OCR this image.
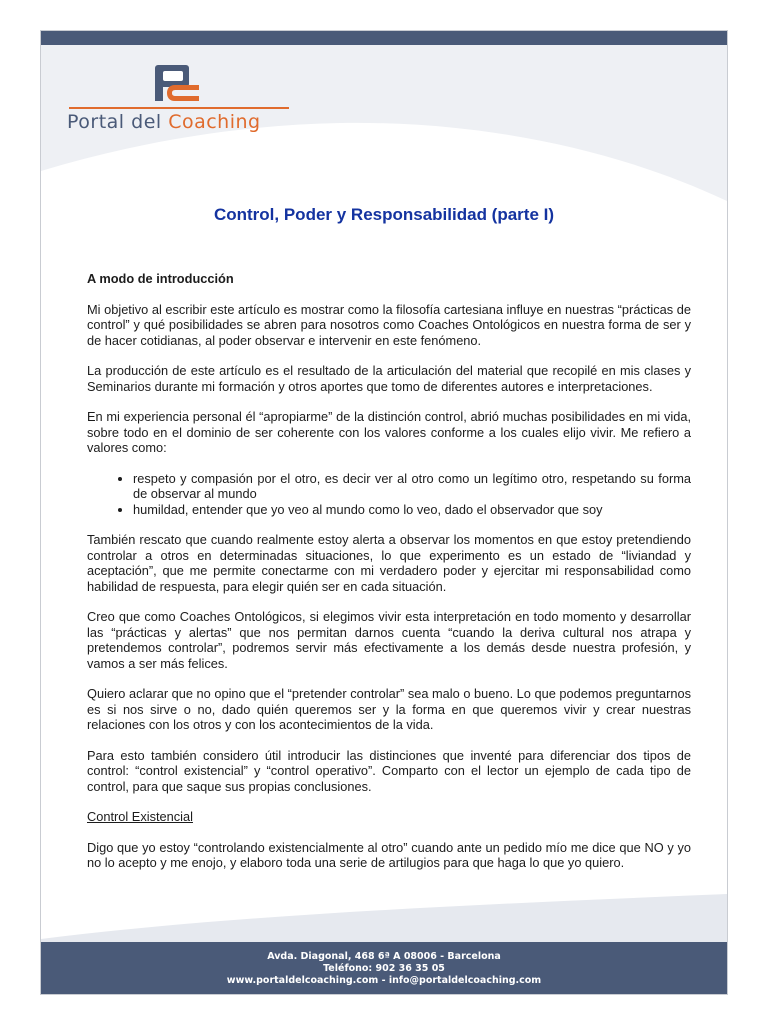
Portal del Coaching
Control, Poder y Responsabilidad (parte I)
A modo de introducción

Mi objetivo al escribir este artículo es mostrar como la filosofía cartesiana influye en nuestras “prácticas de control” y qué posibilidades se abren para nosotros como Coaches Ontológicos en nuestra forma de ser y de hacer cotidianas, al poder observar e intervenir en este fenómeno.

La producción de este artículo es el resultado de la articulación del material que recopilé en mis clases y Seminarios durante mi formación y otros aportes que tomo de diferentes autores e interpretaciones.

En mi experiencia personal él “apropiarme” de la distinción control, abrió muchas posibilidades en mi vida, sobre todo en el dominio de ser coherente con los valores conforme a los cuales elijo vivir. Me refiero a valores como:

• respeto y compasión por el otro, es decir ver al otro como un legítimo otro, respetando su forma de observar al mundo
• humildad, entender que yo veo al mundo como lo veo, dado el observador que soy

También rescato que cuando realmente estoy alerta a observar los momentos en que estoy pretendiendo controlar a otros en determinadas situaciones, lo que experimento es un estado de “liviandad y aceptación”, que me permite conectarme con mi verdadero poder y ejercitar mi responsabilidad como habilidad de respuesta, para elegir quién ser en cada situación.

Creo que como Coaches Ontológicos, si elegimos vivir esta interpretación en todo momento y desarrollar las “prácticas y alertas” que nos permitan darnos cuenta “cuando la deriva cultural nos atrapa y pretendemos controlar”, podremos servir más efectivamente a los demás desde nuestra profesión, y vamos a ser más felices.

Quiero aclarar que no opino que el “pretender controlar” sea malo o bueno. Lo que podemos preguntarnos es si nos sirve o no, dado quién queremos ser y la forma en que queremos vivir y crear nuestras relaciones con los otros y con los acontecimientos de la vida.

Para esto también considero útil introducir las distinciones que inventé para diferenciar dos tipos de control: “control existencial” y “control operativo”. Comparto con el lector un ejemplo de cada tipo de control, para que saque sus propias conclusiones.

Control Existencial

Digo que yo estoy “controlando existencialmente al otro” cuando ante un pedido mío me dice que NO y yo no lo acepto y me enojo, y elaboro toda una serie de artilugios para que haga lo que yo quiero.

Avda. Diagonal, 468 6ª A 08006 - Barcelona
Teléfono: 902 36 35 05
www.portaldelcoaching.com - info@portaldelcoaching.com
